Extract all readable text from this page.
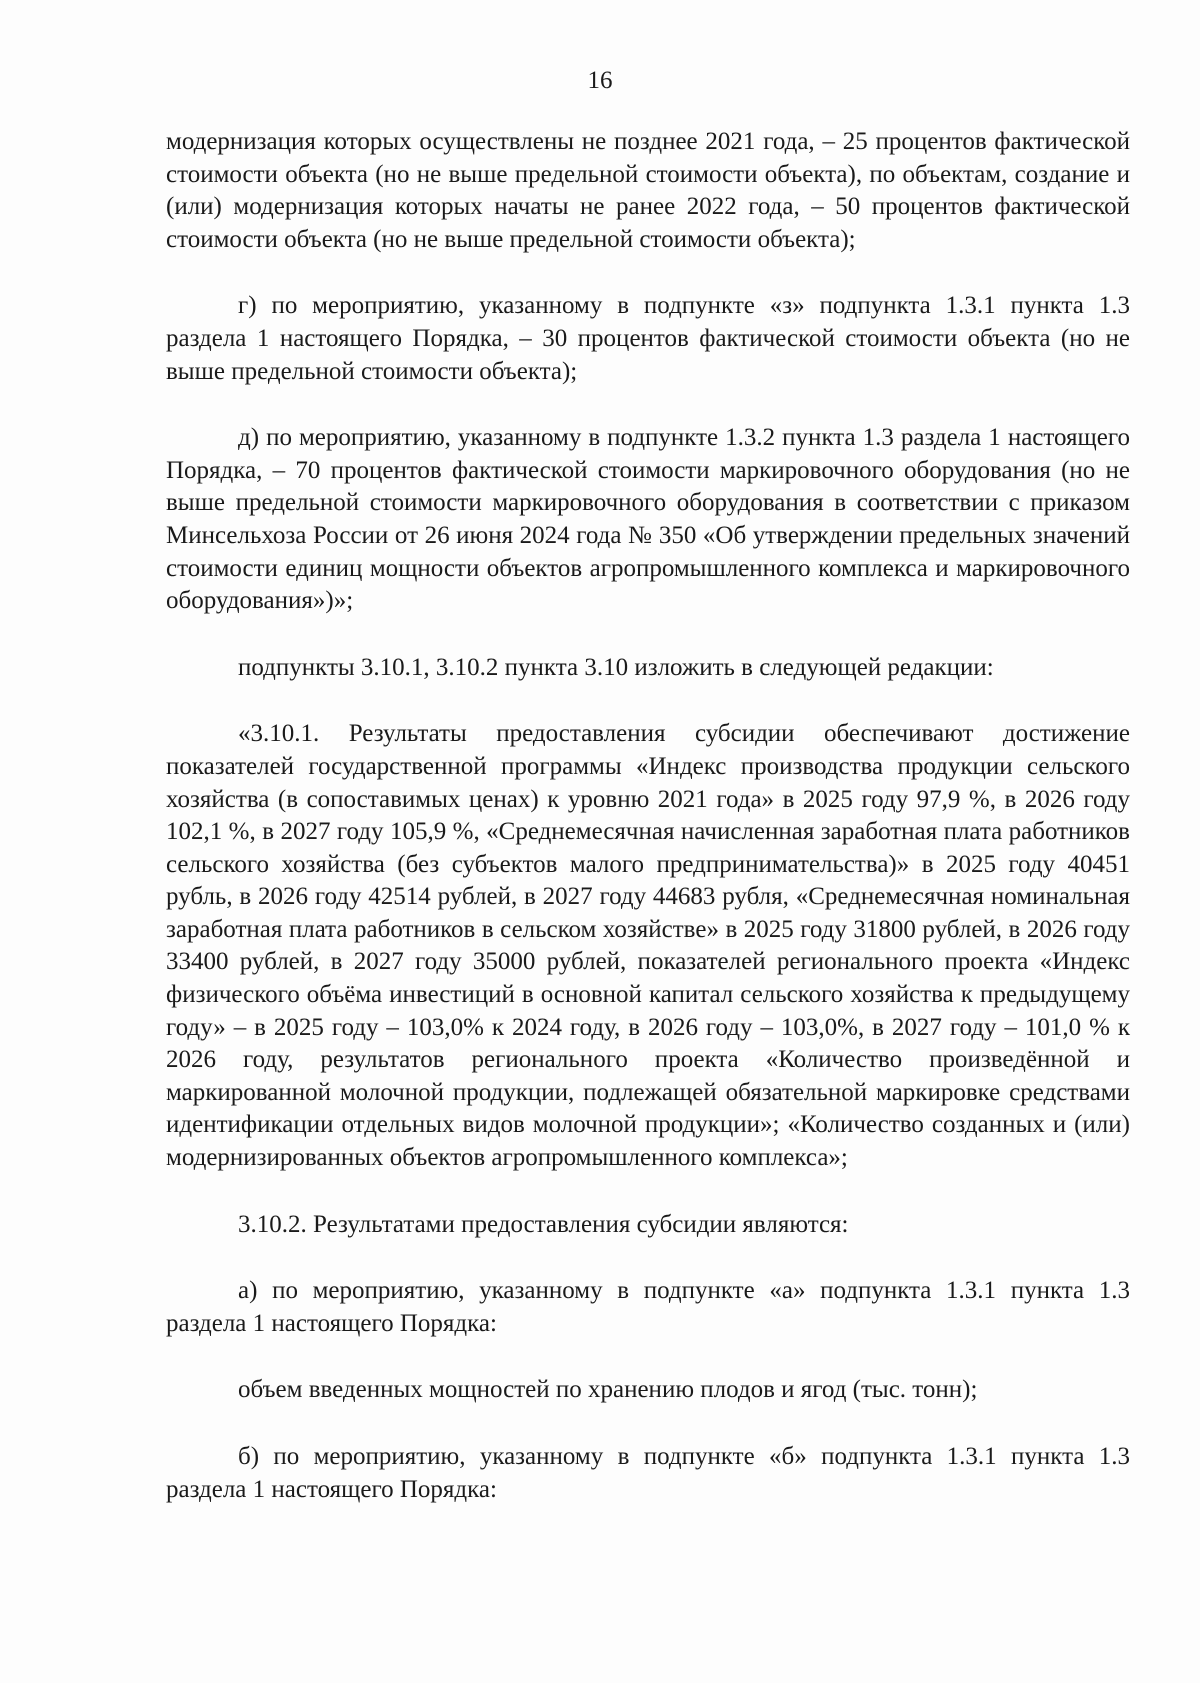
16

модернизация которых осуществлены не позднее 2021 года, – 25 процентов фактической стоимости объекта (но не выше предельной стоимости объекта), по объектам, создание и (или) модернизация которых начаты не ранее 2022 года, – 50 процентов фактической стоимости объекта (но не выше предельной стоимости объекта);

г) по мероприятию, указанному в подпункте «з» подпункта 1.3.1 пункта 1.3 раздела 1 настоящего Порядка, – 30 процентов фактической стоимости объекта (но не выше предельной стоимости объекта);

д) по мероприятию, указанному в подпункте 1.3.2 пункта 1.3 раздела 1 настоящего Порядка, – 70 процентов фактической стоимости маркировочного оборудования (но не выше предельной стоимости маркировочного оборудования в соответствии с приказом Минсельхоза России от 26 июня 2024 года № 350 «Об утверждении предельных значений стоимости единиц мощности объектов агропромышленного комплекса и маркировочного оборудования»)»;

подпункты 3.10.1, 3.10.2 пункта 3.10 изложить в следующей редакции:

«3.10.1. Результаты предоставления субсидии обеспечивают достижение показателей государственной программы «Индекс производства продукции сельского хозяйства (в сопоставимых ценах) к уровню 2021 года» в 2025 году 97,9 %, в 2026 году 102,1 %, в 2027 году 105,9 %, «Среднемесячная начисленная заработная плата работников сельского хозяйства (без субъектов малого предпринимательства)» в 2025 году 40451 рубль, в 2026 году 42514 рублей, в 2027 году 44683 рубля, «Среднемесячная номинальная заработная плата работников в сельском хозяйстве» в 2025 году 31800 рублей, в 2026 году 33400 рублей, в 2027 году 35000 рублей, показателей регионального проекта «Индекс физического объёма инвестиций в основной капитал сельского хозяйства к предыдущему году» – в 2025 году – 103,0% к 2024 году, в 2026 году – 103,0%, в 2027 году – 101,0 % к 2026 году, результатов регионального проекта «Количество произведённой и маркированной молочной продукции, подлежащей обязательной маркировке средствами идентификации отдельных видов молочной продукции»; «Количество созданных и (или) модернизированных объектов агропромышленного комплекса»;

3.10.2. Результатами предоставления субсидии являются:

а) по мероприятию, указанному в подпункте «а» подпункта 1.3.1 пункта 1.3 раздела 1 настоящего Порядка:

объем введенных мощностей по хранению плодов и ягод (тыс. тонн);

б) по мероприятию, указанному в подпункте «б» подпункта 1.3.1 пункта 1.3 раздела 1 настоящего Порядка:
